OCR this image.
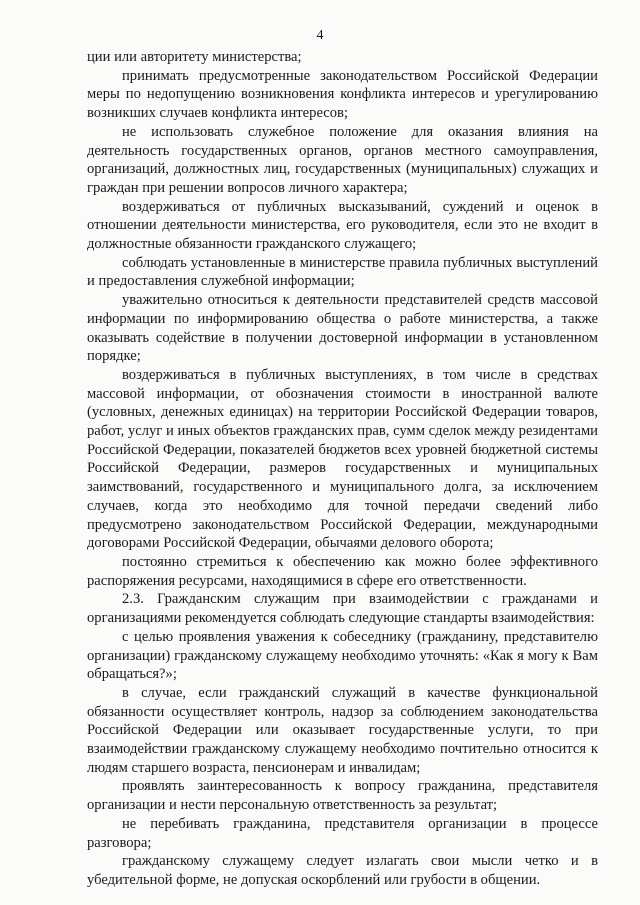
4

ции или авторитету министерства;

принимать предусмотренные законодательством Российской Федерации меры по недопущению возникновения конфликта интересов и урегулированию возникших случаев конфликта интересов;

не использовать служебное положение для оказания влияния на деятельность государственных органов, органов местного самоуправления, организаций, должностных лиц, государственных (муниципальных) служащих и граждан при решении вопросов личного характера;

воздерживаться от публичных высказываний, суждений и оценок в отношении деятельности министерства, его руководителя, если это не входит в должностные обязанности гражданского служащего;

соблюдать установленные в министерстве правила публичных выступлений и предоставления служебной информации;

уважительно относиться к деятельности представителей средств массовой информации по информированию общества о работе министерства, а также оказывать содействие в получении достоверной информации в установленном порядке;

воздерживаться в публичных выступлениях, в том числе в средствах массовой информации, от обозначения стоимости в иностранной валюте (условных, денежных единицах) на территории Российской Федерации товаров, работ, услуг и иных объектов гражданских прав, сумм сделок между резидентами Российской Федерации, показателей бюджетов всех уровней бюджетной системы Российской Федерации, размеров государственных и муниципальных заимствований, государственного и муниципального долга, за исключением случаев, когда это необходимо для точной передачи сведений либо предусмотрено законодательством Российской Федерации, международными договорами Российской Федерации, обычаями делового оборота;

постоянно стремиться к обеспечению как можно более эффективного распоряжения ресурсами, находящимися в сфере его ответственности.

2.3. Гражданским служащим при взаимодействии с гражданами и организациями рекомендуется соблюдать следующие стандарты взаимодействия:

с целью проявления уважения к собеседнику (гражданину, представителю организации) гражданскому служащему необходимо уточнять: «Как я могу к Вам обращаться?»;

в случае, если гражданский служащий в качестве функциональной обязанности осуществляет контроль, надзор за соблюдением законодательства Российской Федерации или оказывает государственные услуги, то при взаимодействии гражданскому служащему необходимо почтительно относится к людям старшего возраста, пенсионерам и инвалидам;

проявлять заинтересованность к вопросу гражданина, представителя организации и нести персональную ответственность за результат;

не перебивать гражданина, представителя организации в процессе разговора;

гражданскому служащему следует излагать свои мысли четко и в убедительной форме, не допуская оскорблений или грубости в общении.
